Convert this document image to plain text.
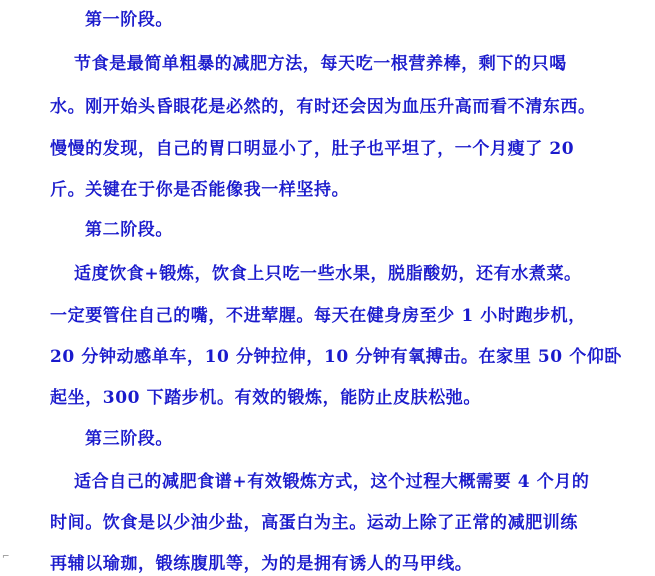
第一阶段。
节食是最简单粗暴的减肥方法，每天吃一根营养棒，剩下的只喝
水。刚开始头昏眼花是必然的，有时还会因为血压升高而看不清东西。
慢慢的发现，自己的胃口明显小了，肚子也平坦了，一个月瘦了 20
斤。关键在于你是否能像我一样坚持。
第二阶段。
适度饮食+锻炼，饮食上只吃一些水果，脱脂酸奶，还有水煮菜。
一定要管住自己的嘴，不进荤腥。每天在健身房至少 1 小时跑步机，
20 分钟动感单车，10 分钟拉伸，10 分钟有氧搏击。在家里 50 个仰卧
起坐，300 下踏步机。有效的锻炼，能防止皮肤松弛。
第三阶段。
适合自己的减肥食谱+有效锻炼方式，这个过程大概需要 4 个月的
时间。饮食是以少油少盐，高蛋白为主。运动上除了正常的减肥训练
再辅以瑜珈，锻练腹肌等，为的是拥有诱人的马甲线。
⌐
